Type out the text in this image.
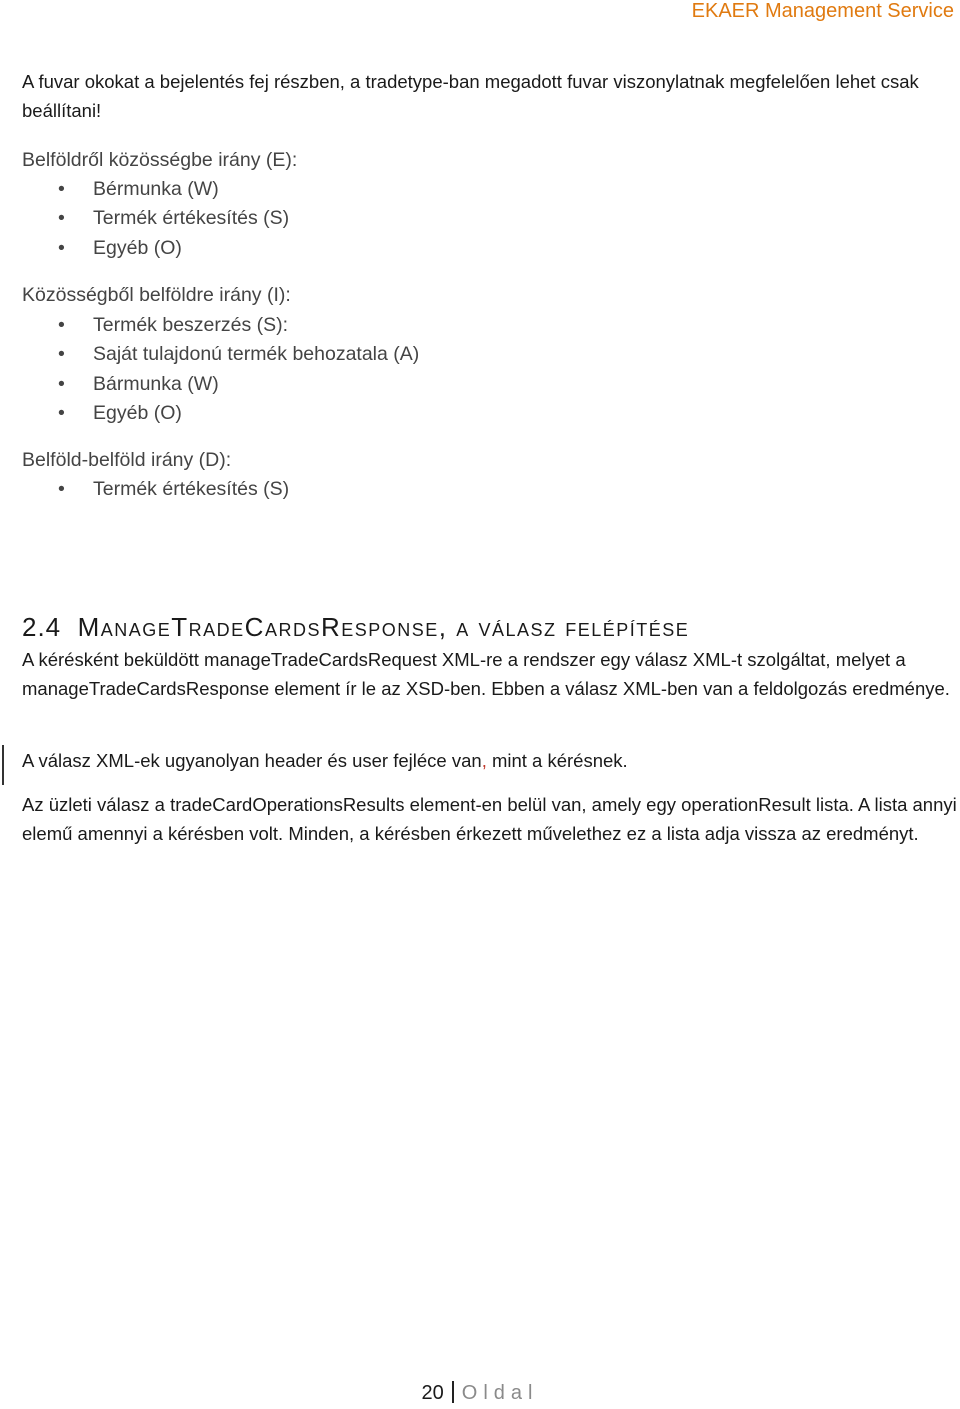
EKAER Management Service
A fuvar okokat a bejelentés fej részben, a tradetype-ban megadott fuvar viszonylatnak megfelelően lehet csak beállítani!
Belföldről közösségbe irány (E):
• Bérmunka (W)
• Termék értékesítés (S)
• Egyéb (O)
Közösségből belföldre irány (I):
• Termék beszerzés (S):
• Saját tulajdonú termék behozatala (A)
• Bármunka (W)
• Egyéb (O)
Belföld-belföld irány (D):
• Termék értékesítés (S)
2.4 ManageTradeCardsResponse, a válasz felépítése
A kérésként beküldött manageTradeCardsRequest XML-re a rendszer egy válasz XML-t szolgáltat, melyet a manageTradeCardsResponse element ír le az XSD-ben. Ebben a válasz XML-ben van a feldolgozás eredménye.
A válasz XML-ek ugyanolyan header és user fejléce van, mint a kérésnek.
Az üzleti válasz a tradeCardOperationsResults element-en belül van, amely egy operationResult lista. A lista annyi elemű amennyi a kérésben volt. Minden, a kérésben érkezett művelethez ez a lista adja vissza az eredményt.
20 Oldal
